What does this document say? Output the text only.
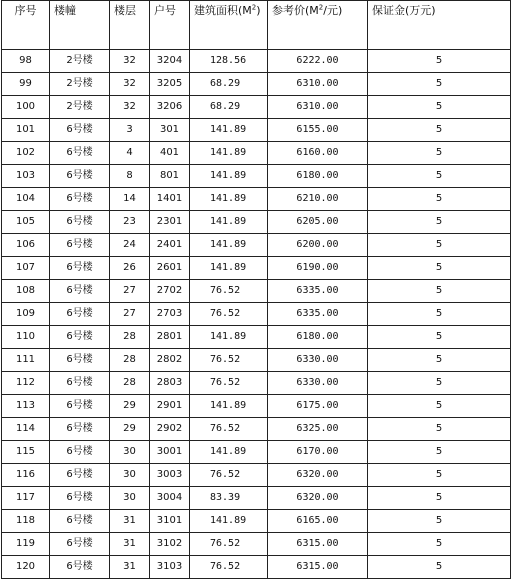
序号	楼幢	楼层	户号	建筑面积$(M^2)$	参考价($M^2/$元)	保证金(万元)
98	2号楼	32	3204	128.56	6222.00	5
99	2号楼	32	3205	68.29	6310.00	5
100	2号楼	32	3206	68.29	6310.00	5
101	6号楼	3	301	141.89	6155.00	5
102	6号楼	4	401	141.89	6160.00	5
103	6号楼	8	801	141.89	6180.00	5
104	6号楼	14	1401	141.89	6210.00	5
105	6号楼	23	2301	141.89	6205.00	5
106	6号楼	24	2401	141.89	6200.00	5
107	6号楼	26	2601	141.89	6190.00	5
108	6号楼	27	2702	76.52	6335.00	5
109	6号楼	27	2703	76.52	6335.00	5
110	6号楼	28	2801	141.89	6180.00	5
111	6号楼	28	2802	76.52	6330.00	5
112	6号楼	28	2803	76.52	6330.00	5
113	6号楼	29	2901	141.89	6175.00	5
114	6号楼	29	2902	76.52	6325.00	5
115	6号楼	30	3001	141.89	6170.00	5
116	6号楼	30	3003	76.52	6320.00	5
117	6号楼	30	3004	83.39	6320.00	5
118	6号楼	31	3101	141.89	6165.00	5
119	6号楼	31	3102	76.52	6315.00	5
120	6号楼	31	3103	76.52	6315.00	5
